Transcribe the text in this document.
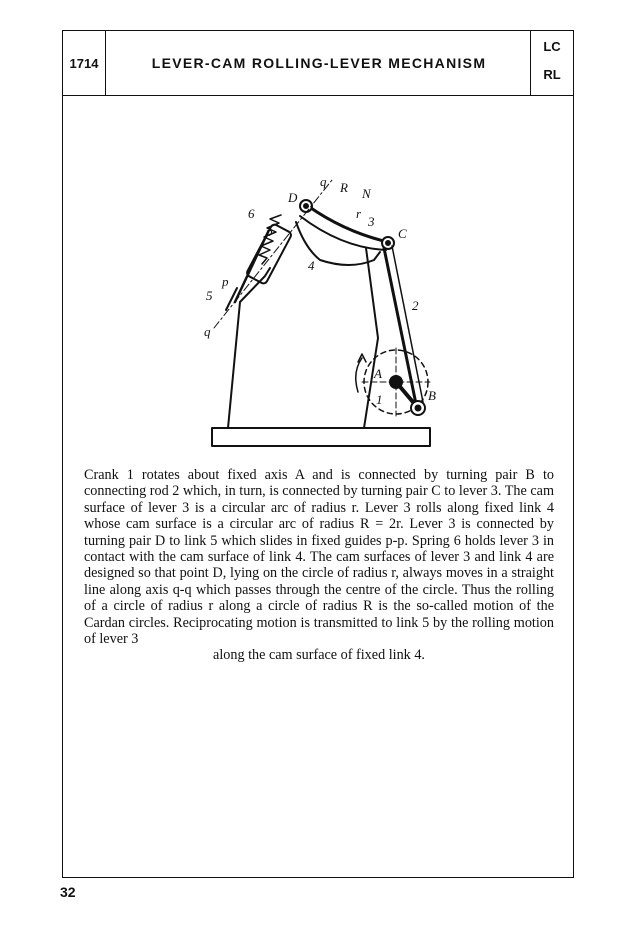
1714	LEVER-CAM ROLLING-LEVER MECHANISM
LC
RL
D
q R N
r
3
C
6
p
4
p
5
q
2
A
1	B
Crank 1 rotates about fixed axis A and is connected by turning pair B to connecting rod 2 which, in turn, is connected by turning pair C to lever 3. The cam surface of lever 3 is a circular arc of radius r. Lever 3 rolls along fixed link 4 whose cam surface is a circular arc of radius R = 2r. Lever 3 is connected by turning pair D to link 5 which slides in fixed guides p-p. Spring 6 holds lever 3 in contact with the cam surface of link 4. The cam surfaces of lever 3 and link 4 are designed so that point D, lying on the circle of radius r, always moves in a straight line along axis q-q which passes through the centre of the circle. Thus the rolling of a circle of radius r along a circle of radius R is the so-called motion of the Cardan circles. Reciprocating motion is transmitted to link 5 by the rolling motion of lever 3
along the cam surface of fixed link 4.
32
